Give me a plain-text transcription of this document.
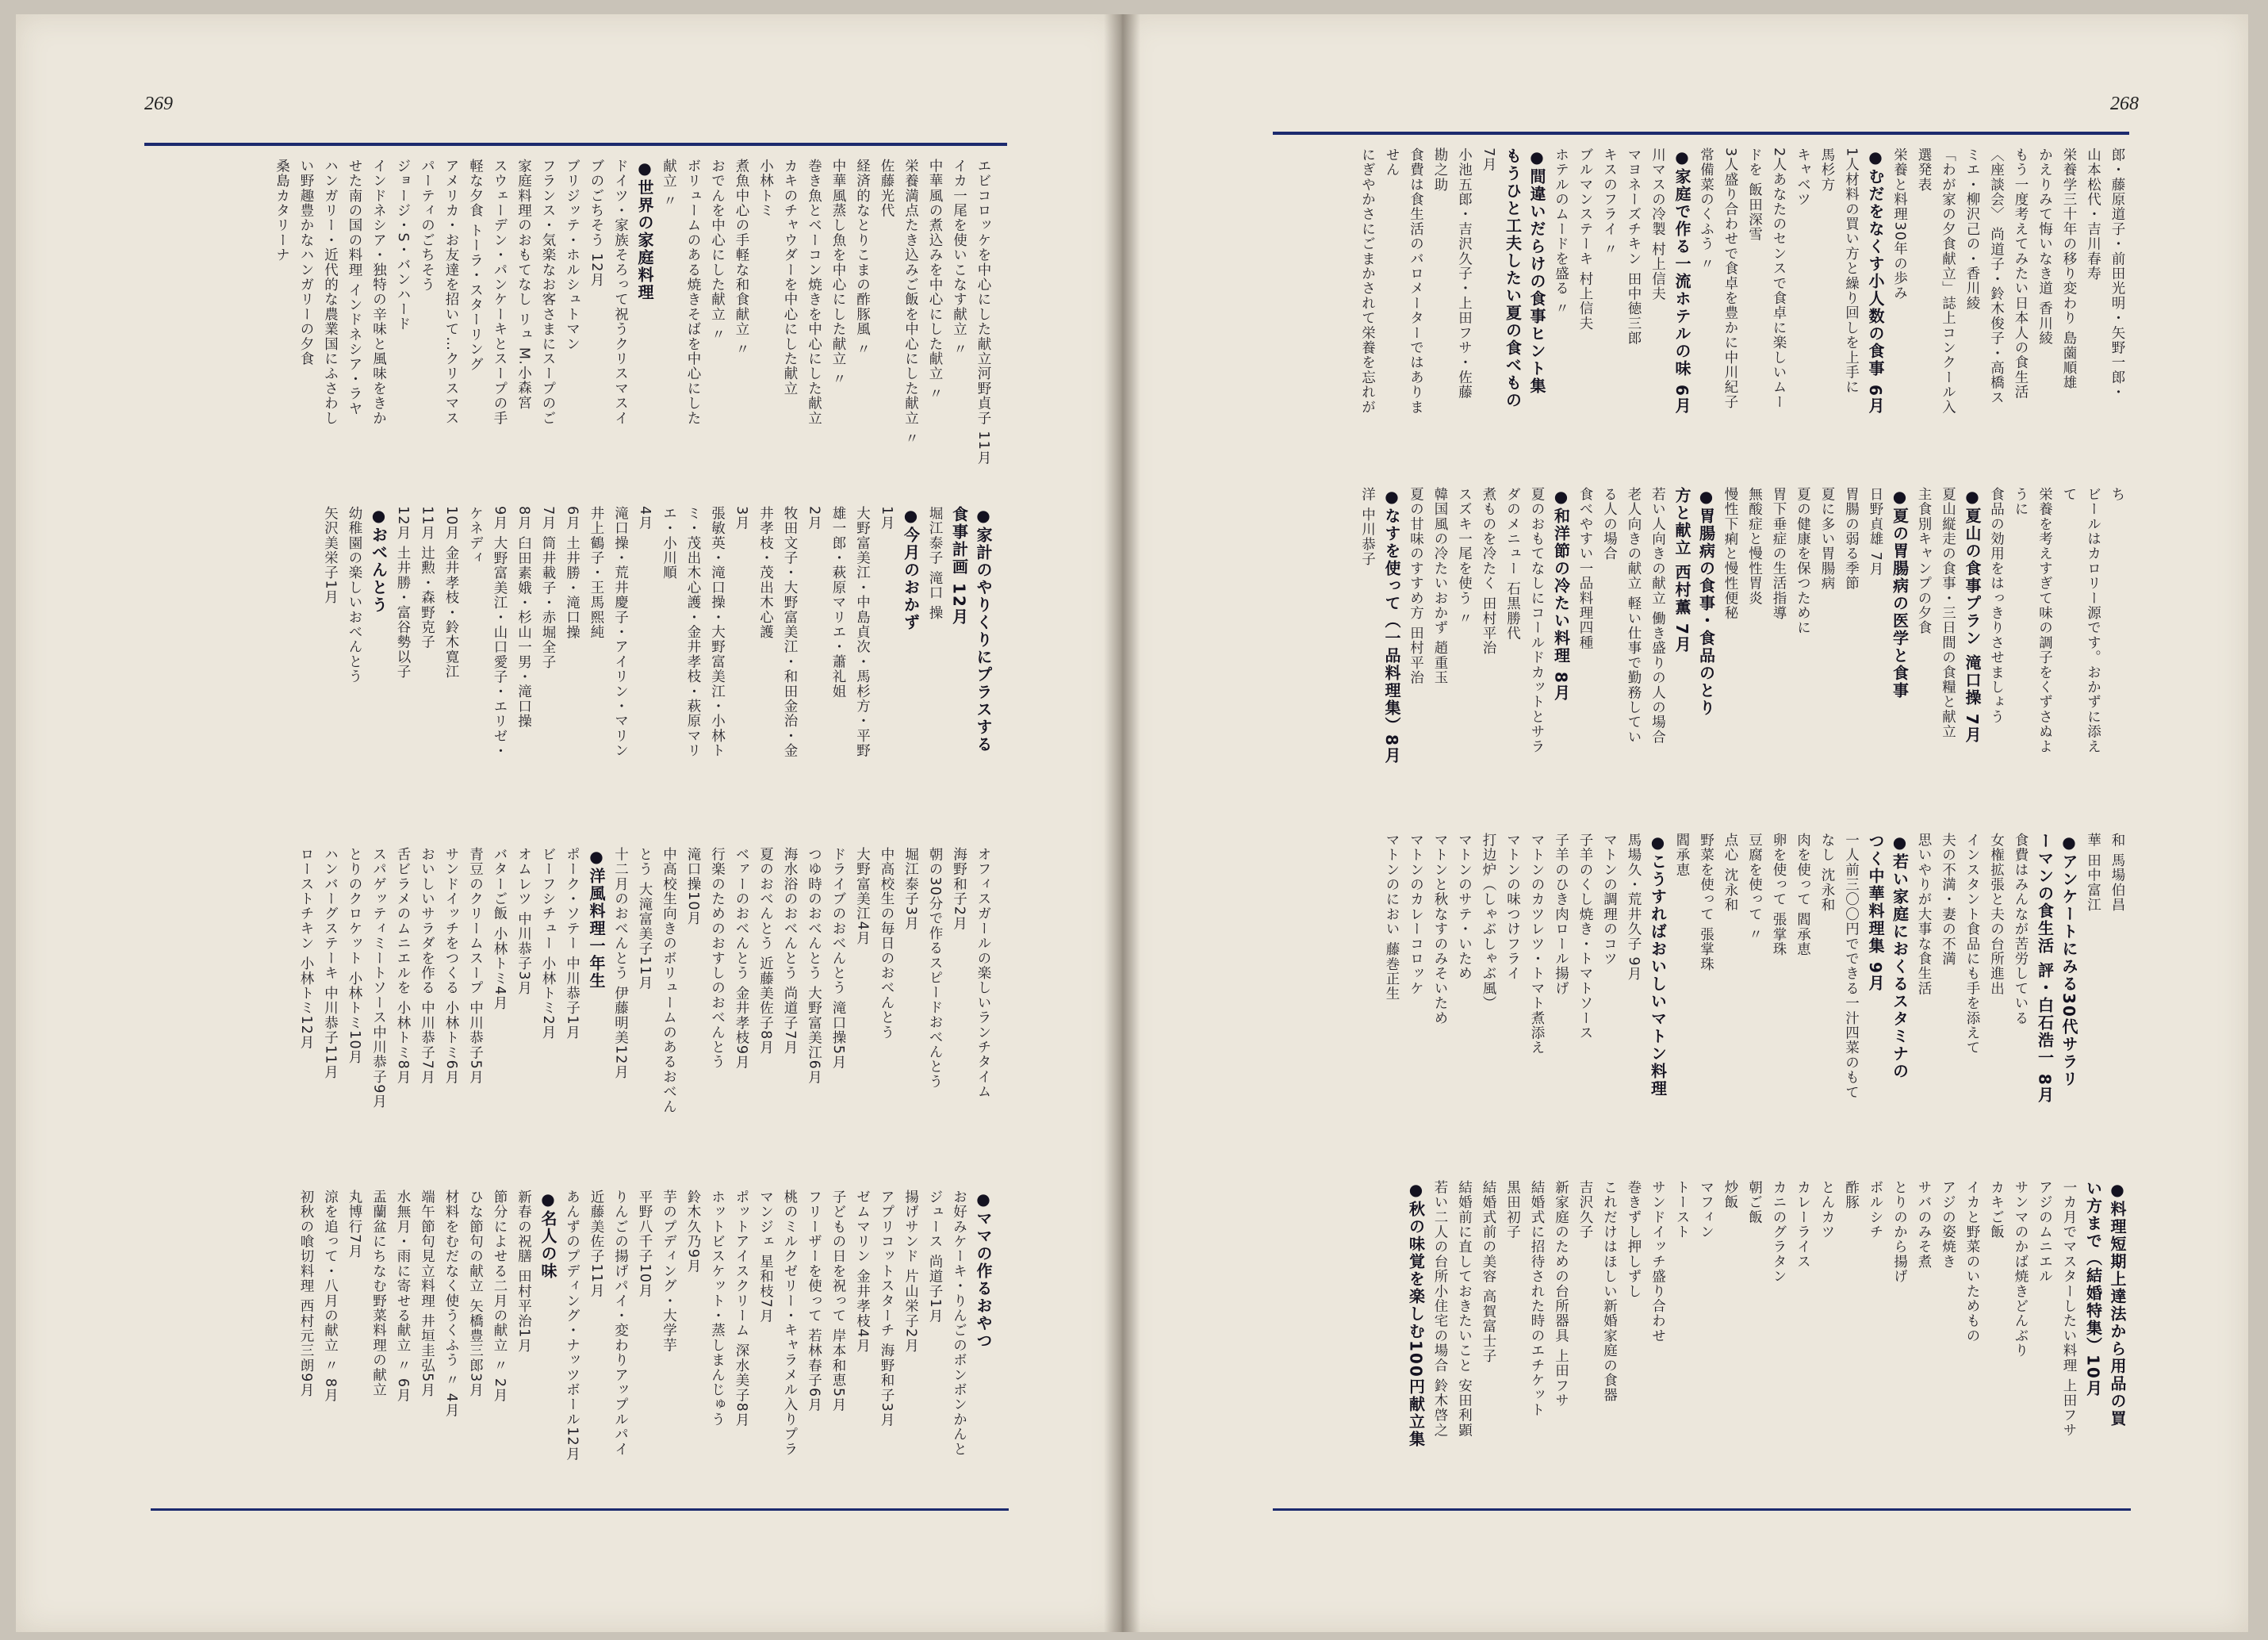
269	268
エビコロッケを中心にした献立河野貞子 11月
イカ一尾を使いこなす献立 〃
中華風の煮込みを中心にした献立 〃
栄養満点たき込みご飯を中心にした献立 〃
佐藤光代
経済的なとりこまの酢豚風 〃
中華風蒸し魚を中心にした献立 〃
巻き魚とベーコン焼きを中心にした献立
カキのチャウダーを中心にした献立
小林トミ
煮魚中心の手軽な和食献立 〃
おでんを中心にした献立 〃
ボリュームのある焼きそばを中心にした
献立 〃
●世界の家庭料理
ドイツ・家族そろって祝うクリスマスイ
ブのごちそう 12月
ブリジッテ・ホルシュトマン
フランス・気楽なお客さまにスープのご
家庭料理のおもてなし リュ M.小森宮
スウェーデン・パンケーキとスープの手
軽な夕食 トーラ・スターリング
アメリカ・お友達を招いて…クリスマス
パーティのごちそう
ジョージ・S・バンハード
インドネシア・独特の辛味と風味をきか
せた南の国の料理 インドネシア・ラヤ
ハンガリー・近代的な農業国にふさわし
い野趣豊かなハンガリーの夕食
桑島カタリーナ
●家計のやりくりにプラスする
食事計画 12月
堀江泰子 滝口 操
●今月のおかず
1月
大野富美江・中島貞次・馬杉方・平野
雄一郎・萩原マリエ・蕭礼姐
2月
牧田文子・大野富美江・和田金治・金
井孝枝・茂出木心護
3月
張敏英・滝口操・大野富美江・小林ト
ミ・茂出木心護・金井孝枝・萩原マリ
エ・小川順
4月
滝口操・荒井慶子・アイリン・マリン
井上鶴子・王馬熙純
6月 土井勝・滝口操
7月 筒井載子・赤堀全子
8月 臼田素娥・杉山一男・滝口操
9月 大野富美江・山口愛子・エリゼ・
ケネディ
10月 金井孝枝・鈴木寛江
11月 辻勲・森野克子
12月 土井勝・富谷勢以子
●おべんとう
幼稚園の楽しいおべんとう
矢沢美栄子1月
オフィスガールの楽しいランチタイム
海野和子2月
朝の30分で作るスピードおべんとう
堀江泰子3月
中高校生の毎日のおべんとう
大野富美江4月
ドライブのおべんとう 滝口操5月
つゆ時のおべんとう 大野富美江6月
海水浴のおべんとう 尚道子7月
夏のおべんとう 近藤美佐子8月
ベァーのおべんとう 金井孝枝9月
行楽のためのおすしのおべんとう
滝口操10月
中高校生向きのボリュームのあるおべん
とう 大滝富美子11月
十二月のおべんとう 伊藤明美12月
●洋風料理一年生
ポーク・ソテー 中川恭子1月
ビーフシチュー 小林トミ2月
オムレツ 中川恭子3月
バターご飯 小林トミ4月
青豆のクリームスープ 中川恭子5月
サンドイッチをつくる 小林トミ6月
おいしいサラダを作る 中川恭子7月
舌ビラメのムニエルを 小林トミ8月
スパゲッティミートソース中川恭子9月
とりのクロケット 小林トミ10月
ハンバーグステーキ 中川恭子11月
ローストチキン 小林トミ12月
●ママの作るおやつ
お好みケーキ・りんごのボンボンかんと
ジュース 尚道子1月
揚げサンド 片山栄子2月
アプリコットスターチ 海野和子3月
ゼムマリン 金井孝枝4月
子どもの日を祝って 岸本和恵5月
フリーザーを使って 若林春子6月
桃のミルクゼリー・キャラメル入りプラ
マンジェ 星和枝7月
ポットアイスクリーム 深水美子8月
ホットビスケット・蒸しまんじゅう
鈴木久乃9月
芋のプディング・大学芋
平野八千子10月
りんごの揚げパイ・変わりアップルパイ
近藤美佐子11月
あんずのプディング・ナッツボール12月
●名人の味
新春の祝膳 田村平治1月
節分によせる二月の献立 〃 2月
ひな節句の献立 矢橋豊三郎3月
材料をむだなく使うくふう 〃 4月
端午節句見立料理 井垣圭弘5月
水無月・雨に寄せる献立 〃 6月
盂蘭盆にちなむ野菜料理の献立
丸博行7月
涼を追って・八月の献立 〃 8月
初秋の喰切料理 西村元三朗9月
郎・藤原道子・前田光明・矢野一郎・
山本松代・吉川春寿
栄養学三十年の移り変わり 島薗順雄
かえりみて悔いなき道 香川綾
もう一度考えてみたい日本人の食生活
〈座談会〉 尚道子・鈴木俊子・高橋ス
ミエ・柳沢己の・香川綾
「わが家の夕食献立」誌上コンクール入
選発表
栄養と料理30年の歩み
●むだをなくす小人数の食事 6月
1人材料の買い方と繰り回しを上手に
馬杉方
キャベツ
2人あなたのセンスで食卓に楽しいムー
ドを 飯田深雪
3人盛り合わせで食卓を豊かに中川紀子
常備菜のくふう 〃
●家庭で作る一流ホテルの味 6月
川マスの冷製 村上信夫
マヨネーズチキン 田中徳三郎
キスのフライ 〃
ブルマンステーキ 村上信夫
ホテルのムードを盛る 〃
●間違いだらけの食事ヒント集
もうひと工夫したい夏の食べもの
7月
小池五郎・吉沢久子・上田フサ・佐藤
勘之助
食費は食生活のバロメーターではありま
せん
にぎやかさにごまかされて栄養を忘れが
ち
ビールはカロリー源です。おかずに添え
て
栄養を考えすぎて味の調子をくずさぬよ
うに
食品の効用をはっきりさせましょう
●夏山の食事プラン 滝口操 7月
夏山縦走の食事・三日間の食糧と献立
主食別キャンプの夕食
●夏の胃腸病の医学と食事
日野貞雄 7月
胃腸の弱る季節
夏に多い胃腸病
夏の健康を保つために
胃下垂症の生活指導
無酸症と慢性胃炎
慢性下痢と慢性便秘
●胃腸病の食事・食品のとり
方と献立 西村薫 7月
若い人向きの献立 働き盛りの人の場合
老人向きの献立 軽い仕事で勤務してい
る人の場合
食べやすい一品料理四種
●和洋節の冷たい料理 8月
夏のおもてなしにコールドカットとサラ
ダのメニュー 石黒勝代
煮ものを冷たく 田村平治
スズキ一尾を使う 〃
韓国風の冷たいおかず 趙重玉
夏の甘味のすすめ方 田村平治
●なすを使って（一品料理集）8月
洋 中川恭子
和 馬場伯昌
華 田中富江
●アンケートにみる30代サラリ
ーマンの食生活 評・白石浩一 8月
食費はみんなが苦労している
女権拡張と夫の台所進出
インスタント食品にも手を添えて
夫の不満・妻の不満
思いやりが大事な食生活
●若い家庭におくるスタミナの
つく中華料理集 9月
一人前三〇〇円でできる一汁四菜のもて
なし 沈永和
肉を使って 閻承恵
卵を使って 張掌珠
豆腐を使って 〃
点心 沈永和
野菜を使って 張掌珠
閻承恵
●こうすればおいしいマトン料理
馬場久・荒井久子 9月
マトンの調理のコツ
子羊のくし焼き・トマトソース
子羊のひき肉ロール揚げ
マトンのカツレツ・トマト煮添え
マトンの味つけフライ
打边炉（しゃぶしゃぶ風）
マトンのサテ・いため
マトンと秋なすのみそいため
マトンのカレーコロッケ
マトンのにおい 藤巻正生
●料理短期上達法から用品の買
い方まで（結婚特集）10月
一カ月でマスターしたい料理 上田フサ
アジのムニエル
サンマのかば焼きどんぶり
カキご飯
イカと野菜のいためもの
アジの姿焼き
サバのみそ煮
とりのから揚げ
ボルシチ
酢豚
とんカツ
カレーライス
カニのグラタン
朝ご飯
炒飯
マフィン
トースト
サンドイッチ盛り合わせ
巻きずし押しずし
これだけはほしい新婚家庭の食器
吉沢久子
新家庭のための台所器具 上田フサ
結婚式に招待された時のエチケット
黒田初子
結婚式前の美容 高賀富士子
結婚前に直しておきたいこと 安田利顕
若い二人の台所小住宅の場合 鈴木啓之
●秋の味覚を楽しむ100円献立集
